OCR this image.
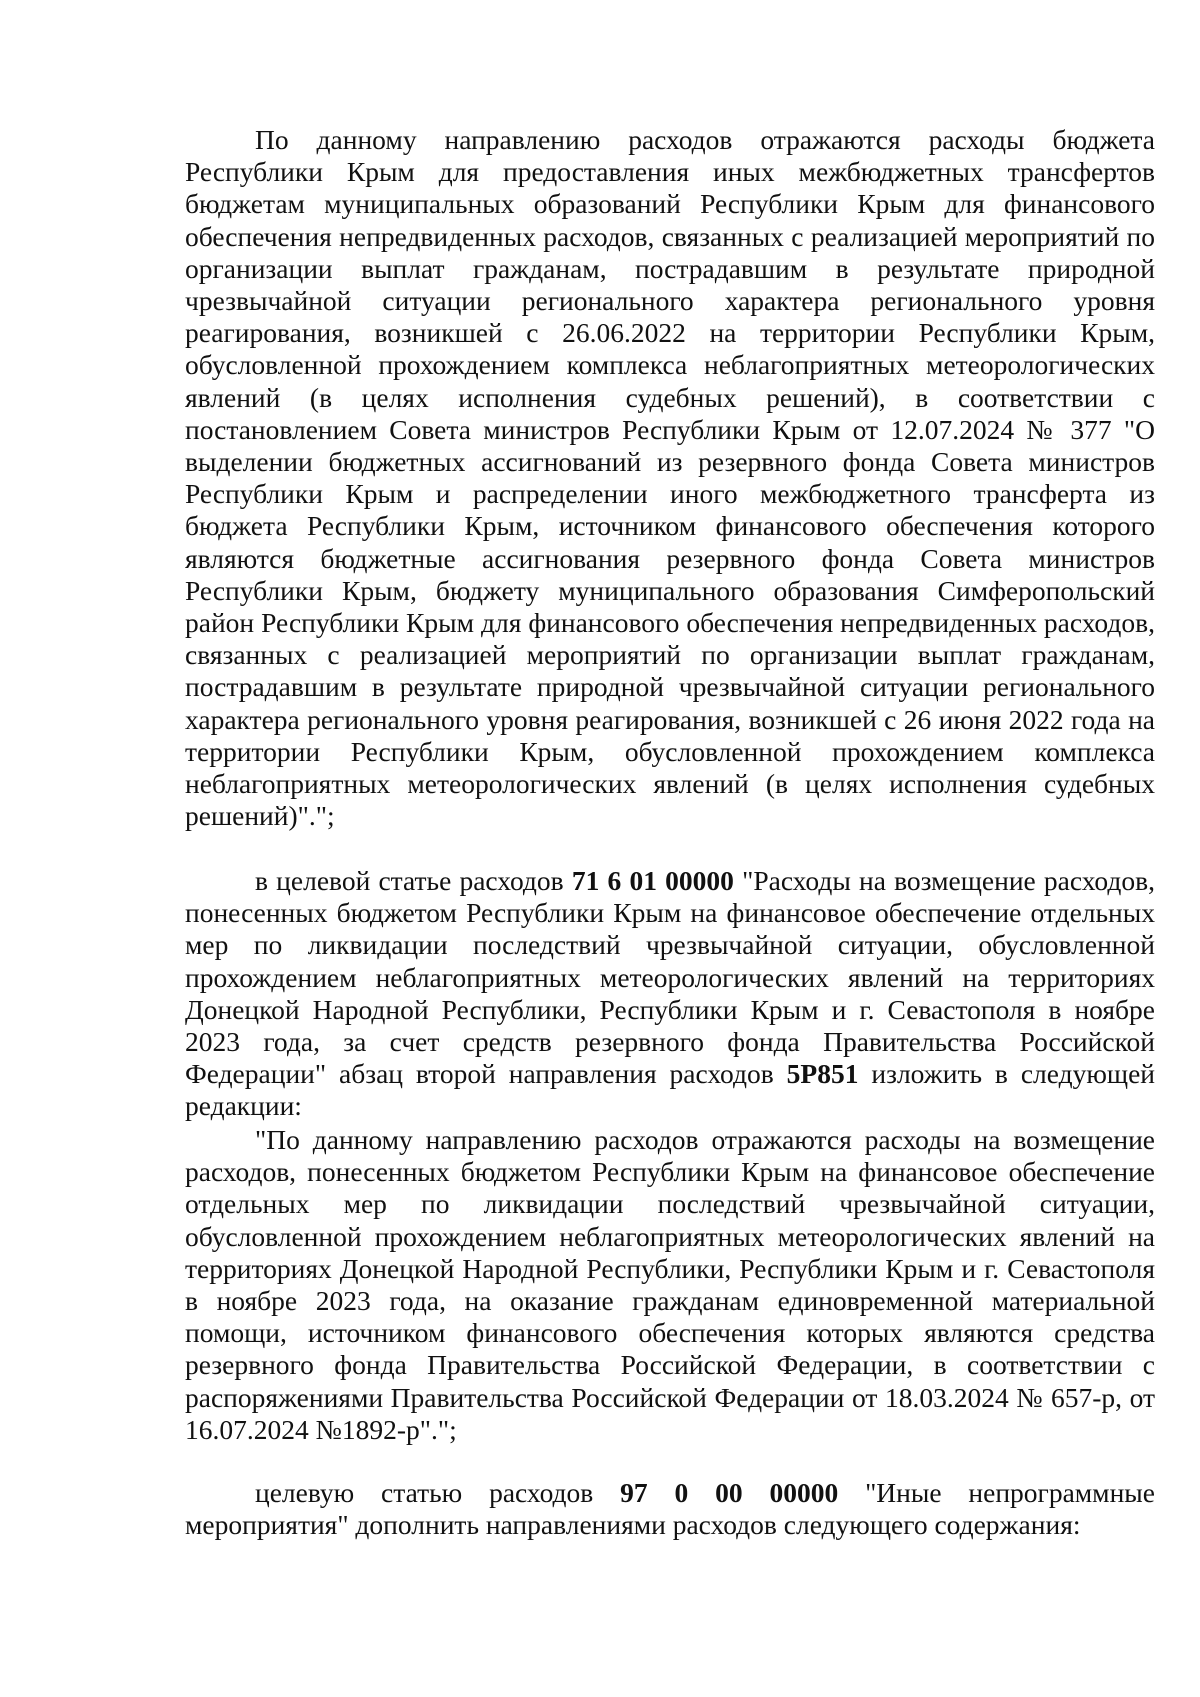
По данному направлению расходов отражаются расходы бюджета Республики Крым для предоставления иных межбюджетных трансфертов бюджетам муниципальных образований Республики Крым для финансового обеспечения непредвиденных расходов, связанных с реализацией мероприятий по организации выплат гражданам, пострадавшим в результате природной чрезвычайной ситуации регионального характера регионального уровня реагирования, возникшей с 26.06.2022 на территории Республики Крым, обусловленной прохождением комплекса неблагоприятных метеорологических явлений (в целях исполнения судебных решений), в соответствии с постановлением Совета министров Республики Крым от 12.07.2024 № 377 "О выделении бюджетных ассигнований из резервного фонда Совета министров Республики Крым и распределении иного межбюджетного трансферта из бюджета Республики Крым, источником финансового обеспечения которого являются бюджетные ассигнования резервного фонда Совета министров Республики Крым, бюджету муниципального образования Симферопольский район Республики Крым для финансового обеспечения непредвиденных расходов, связанных с реализацией мероприятий по организации выплат гражданам, пострадавшим в результате природной чрезвычайной ситуации регионального характера регионального уровня реагирования, возникшей с 26 июня 2022 года на территории Республики Крым, обусловленной прохождением комплекса неблагоприятных метеорологических явлений (в целях исполнения судебных решений)".";

в целевой статье расходов 71 6 01 00000 "Расходы на возмещение расходов, понесенных бюджетом Республики Крым на финансовое обеспечение отдельных мер по ликвидации последствий чрезвычайной ситуации, обусловленной прохождением неблагоприятных метеорологических явлений на территориях Донецкой Народной Республики, Республики Крым и г. Севастополя в ноябре 2023 года, за счет средств резервного фонда Правительства Российской Федерации" абзац второй направления расходов 5Р851 изложить в следующей редакции:

"По данному направлению расходов отражаются расходы на возмещение расходов, понесенных бюджетом Республики Крым на финансовое обеспечение отдельных мер по ликвидации последствий чрезвычайной ситуации, обусловленной прохождением неблагоприятных метеорологических явлений на территориях Донецкой Народной Республики, Республики Крым и г. Севастополя в ноябре 2023 года, на оказание гражданам единовременной материальной помощи, источником финансового обеспечения которых являются средства резервного фонда Правительства Российской Федерации, в соответствии с распоряжениями Правительства Российской Федерации от 18.03.2024 № 657-р, от 16.07.2024 №1892-р".";

целевую статью расходов 97 0 00 00000 "Иные непрограммные мероприятия" дополнить направлениями расходов следующего содержания:
